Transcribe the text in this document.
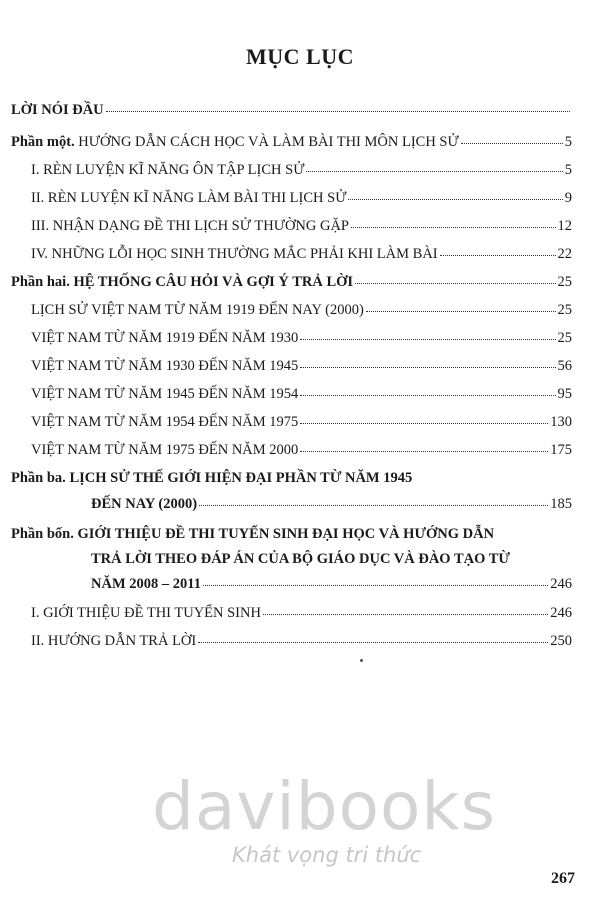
MỤC LỤC
LỜI NÓI ĐẦU
Phần một. HƯỚNG DẪN CÁCH HỌC VÀ LÀM BÀI THI MÔN LỊCH SỬ	5
I. RÈN LUYỆN KĨ NĂNG ÔN TẬP LỊCH SỬ	5
II. RÈN LUYỆN KĨ NĂNG LÀM BÀI THI LỊCH SỬ	9
III. NHẬN DẠNG ĐỀ THI LỊCH SỬ THƯỜNG GẶP	12
IV. NHỮNG LỖI HỌC SINH THƯỜNG MẮC PHẢI KHI LÀM BÀI	22
Phần hai. HỆ THỐNG CÂU HỎI VÀ GỢI Ý TRẢ LỜI	25
LỊCH SỬ VIỆT NAM TỪ NĂM 1919 ĐẾN NAY (2000)	25
VIỆT NAM TỪ NĂM 1919 ĐẾN NĂM 1930	25
VIỆT NAM TỪ NĂM 1930 ĐẾN NĂM 1945	56
VIỆT NAM TỪ NĂM 1945 ĐẾN NĂM 1954	95
VIỆT NAM TỪ NĂM 1954 ĐẾN NĂM 1975	130
VIỆT NAM TỪ NĂM 1975 ĐẾN NĂM 2000	175
Phần ba. LỊCH SỬ THẾ GIỚI HIỆN ĐẠI PHẦN TỪ NĂM 1945
ĐẾN NAY (2000)	185
Phần bốn. GIỚI THIỆU ĐỀ THI TUYỂN SINH ĐẠI HỌC VÀ HƯỚNG DẪN
TRẢ LỜI THEO ĐÁP ÁN CỦA BỘ GIÁO DỤC VÀ ĐÀO TẠO TỪ
NĂM 2008 – 2011	246
I. GIỚI THIỆU ĐỀ THI TUYỂN SINH	246
II. HƯỚNG DẪN TRẢ LỜI	250
davibooks
Khát vọng tri thức
267
